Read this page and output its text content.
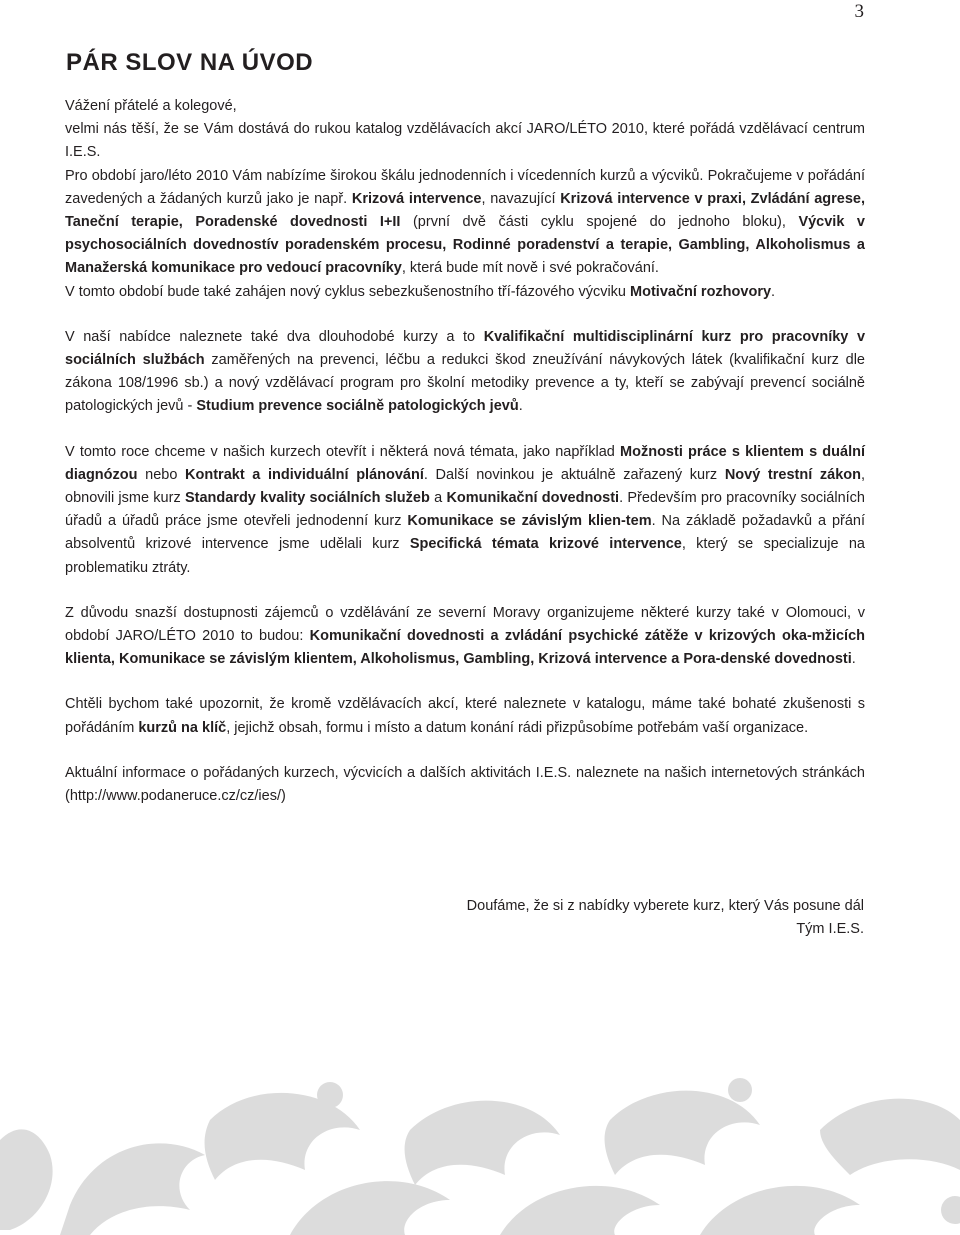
3
PÁR SLOV NA ÚVOD

Vážení přátelé a kolegové,

velmi nás těší, že se Vám dostává do rukou katalog vzdělávacích akcí JARO/LÉTO 2010, které pořádá vzdělávací centrum I.E.S.

Pro období jaro/léto 2010 Vám nabízíme širokou škálu jednodenních i vícedenních kurzů a výcviků. Pokračujeme v pořádání zavedených a žádaných kurzů jako je např. Krizová intervence, navazující Krizová intervence v praxi, Zvládání agrese, Taneční terapie, Poradenské dovednosti I+II (první dvě části cyklu spojené do jednoho bloku), Výcvik v psychosociálních dovednostív poradenském procesu, Rodinné poradenství a terapie, Gambling, Alkoholismus a Manažerská komunikace pro vedoucí pracovníky, která bude mít nově i své pokračování.

V tomto období bude také zahájen nový cyklus sebezkušenostního tří-fázového výcviku Motivační rozhovory.

V naší nabídce naleznete také dva dlouhodobé kurzy a to Kvalifikační multidisciplinární kurz pro pracovníky v sociálních službách zaměřených na prevenci, léčbu a redukci škod zneužívání návykových látek (kvalifikační kurz dle zákona 108/1996 sb.) a nový vzdělávací program pro školní metodiky prevence a ty, kteří se zabývají prevencí sociálně patologických jevů - Studium prevence sociálně patologických jevů.

V tomto roce chceme v našich kurzech otevřít i některá nová témata, jako například Možnosti práce s klientem s duální diagnózou nebo Kontrakt a individuální plánování. Další novinkou je aktuálně zařazený kurz Nový trestní zákon, obnovili jsme kurz Standardy kvality sociálních služeb a Komunikační dovednosti. Především pro pracovníky sociálních úřadů a úřadů práce jsme otevřeli jednodenní kurz Komunikace se závislým klien-tem. Na základě požadavků a přání absolventů krizové intervence jsme udělali kurz Specifická témata krizové intervence, který se specializuje na problematiku ztráty.

Z důvodu snazší dostupnosti zájemců o vzdělávání ze severní Moravy organizujeme některé kurzy také v Olomouci, v období JARO/LÉTO 2010 to budou: Komunikační dovednosti a zvládání psychické zátěže v krizových oka-mžicích klienta, Komunikace se závislým klientem, Alkoholismus, Gambling, Krizová intervence a Pora-denské dovednosti.

Chtěli bychom také upozornit, že kromě vzdělávacích akcí, které naleznete v katalogu, máme také bohaté zkušenosti s pořádáním kurzů na klíč, jejichž obsah, formu i místo a datum konání rádi přizpůsobíme potřebám vaší organizace.

Aktuální informace o pořádaných kurzech, výcvicích a dalších aktivitách I.E.S. naleznete na našich internetových stránkách (http://www.podaneruce.cz/cz/ies/)

Doufáme, že si z nabídky vyberete kurz, který Vás posune dál

Tým I.E.S.
